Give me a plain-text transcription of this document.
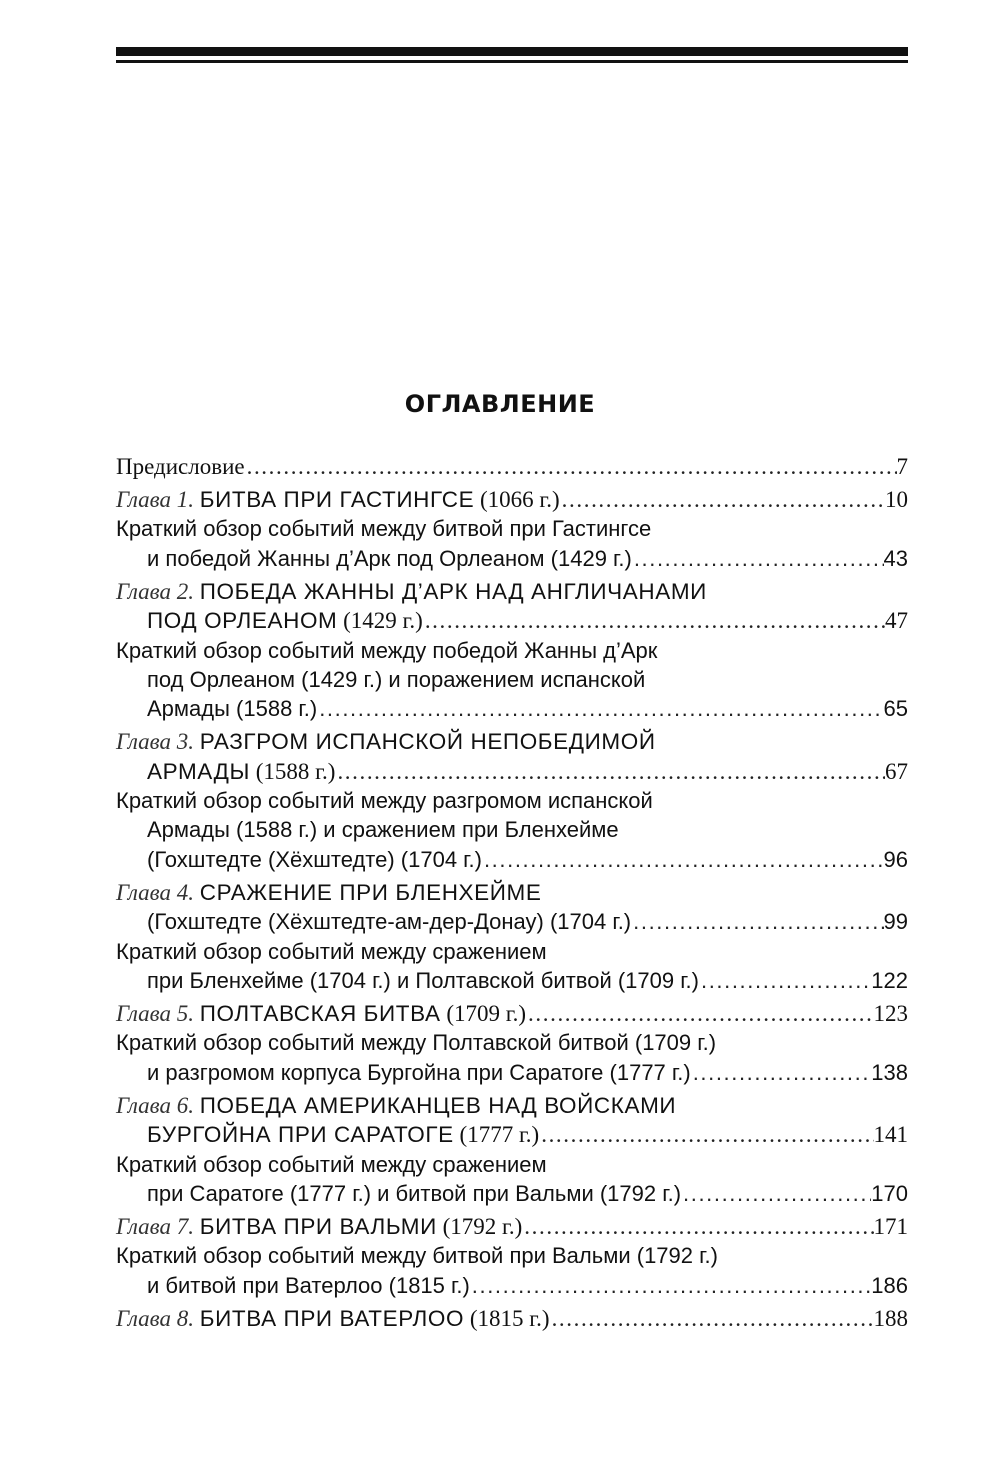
ОГЛАВЛЕНИЕ
Предисловие .....	7
Глава 1. БИТВА ПРИ ГАСТИНГСЕ (1066 г.) .....	10
Краткий обзор событий между битвой при Гастингсе
и победой Жанны д’Арк под Орлеаном (1429 г.) .....	43
Глава 2. ПОБЕДА ЖАННЫ Д’АРК НАД АНГЛИЧАНАМИ
ПОД ОРЛЕАНОМ (1429 г.) .....	47
Краткий обзор событий между победой Жанны д’Арк
под Орлеаном (1429 г.) и поражением испанской
Армады (1588 г.) .....	65
Глава 3. РАЗГРОМ ИСПАНСКОЙ НЕПОБЕДИМОЙ
АРМАДЫ (1588 г.) .....	67
Краткий обзор событий между разгромом испанской
Армады (1588 г.) и сражением при Бленхейме
(Гохштедте (Хёхштедте) (1704 г.) .....	96
Глава 4. СРАЖЕНИЕ ПРИ БЛЕНХЕЙМЕ
(Гохштедте (Хёхштедте-ам-дер-Донау) (1704 г.) .....	99
Краткий обзор событий между сражением
при Бленхейме (1704 г.) и Полтавской битвой (1709 г.) .....	122
Глава 5. ПОЛТАВСКАЯ БИТВА (1709 г.) .....	123
Краткий обзор событий между Полтавской битвой (1709 г.)
и разгромом корпуса Бургойна при Саратоге (1777 г.) .....	138
Глава 6. ПОБЕДА АМЕРИКАНЦЕВ НАД ВОЙСКАМИ
БУРГОЙНА ПРИ САРАТОГЕ (1777 г.) .....	141
Краткий обзор событий между сражением
при Саратоге (1777 г.) и битвой при Вальми (1792 г.) .....	170
Глава 7. БИТВА ПРИ ВАЛЬМИ (1792 г.) .....	171
Краткий обзор событий между битвой при Вальми (1792 г.)
и битвой при Ватерлоо (1815 г.) .....	186
Глава 8. БИТВА ПРИ ВАТЕРЛОО (1815 г.) .....	188
